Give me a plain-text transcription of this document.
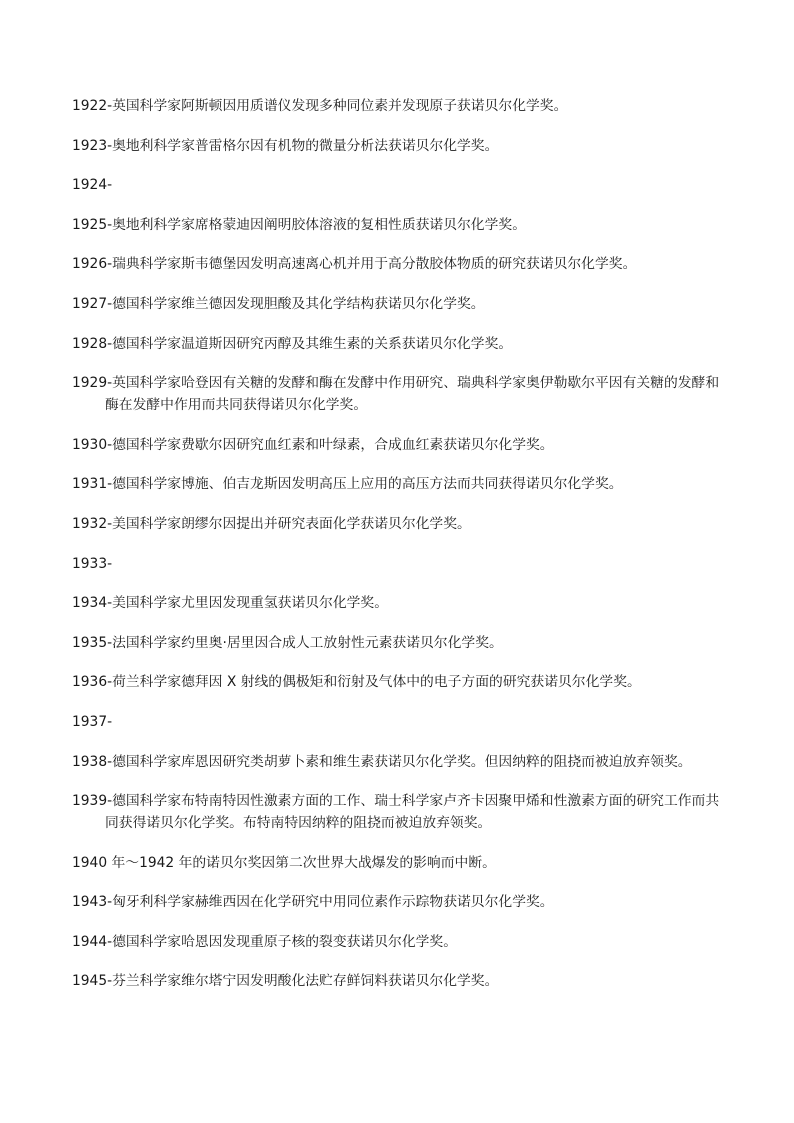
1922-英国科学家阿斯顿因用质谱仪发现多种同位素并发现原子获诺贝尔化学奖。
1923-奥地利科学家普雷格尔因有机物的微量分析法获诺贝尔化学奖。
1924-
1925-奥地利科学家席格蒙迪因阐明胶体溶液的复相性质获诺贝尔化学奖。
1926-瑞典科学家斯韦德堡因发明高速离心机并用于高分散胶体物质的研究获诺贝尔化学奖。
1927-德国科学家维兰德因发现胆酸及其化学结构获诺贝尔化学奖。
1928-德国科学家温道斯因研究丙醇及其维生素的关系获诺贝尔化学奖。
1929-英国科学家哈登因有关糖的发酵和酶在发酵中作用研究、瑞典科学家奥伊勒歇尔平因有关糖的发酵和酶在发酵中作用而共同获得诺贝尔化学奖。
1930-德国科学家费歇尔因研究血红素和叶绿素，合成血红素获诺贝尔化学奖。
1931-德国科学家博施、伯吉龙斯因发明高压上应用的高压方法而共同获得诺贝尔化学奖。
1932-美国科学家朗缪尔因提出并研究表面化学获诺贝尔化学奖。
1933-
1934-美国科学家尤里因发现重氢获诺贝尔化学奖。
1935-法国科学家约里奥·居里因合成人工放射性元素获诺贝尔化学奖。
1936-荷兰科学家德拜因 X 射线的偶极矩和衍射及气体中的电子方面的研究获诺贝尔化学奖。
1937-
1938-德国科学家库恩因研究类胡萝卜素和维生素获诺贝尔化学奖。但因纳粹的阻挠而被迫放弃领奖。
1939-德国科学家布特南特因性激素方面的工作、瑞士科学家卢齐卡因聚甲烯和性激素方面的研究工作而共同获得诺贝尔化学奖。布特南特因纳粹的阻挠而被迫放弃领奖。
1940 年～1942 年的诺贝尔奖因第二次世界大战爆发的影响而中断。
1943-匈牙利科学家赫维西因在化学研究中用同位素作示踪物获诺贝尔化学奖。
1944-德国科学家哈恩因发现重原子核的裂变获诺贝尔化学奖。
1945-芬兰科学家维尔塔宁因发明酸化法贮存鲜饲料获诺贝尔化学奖。
